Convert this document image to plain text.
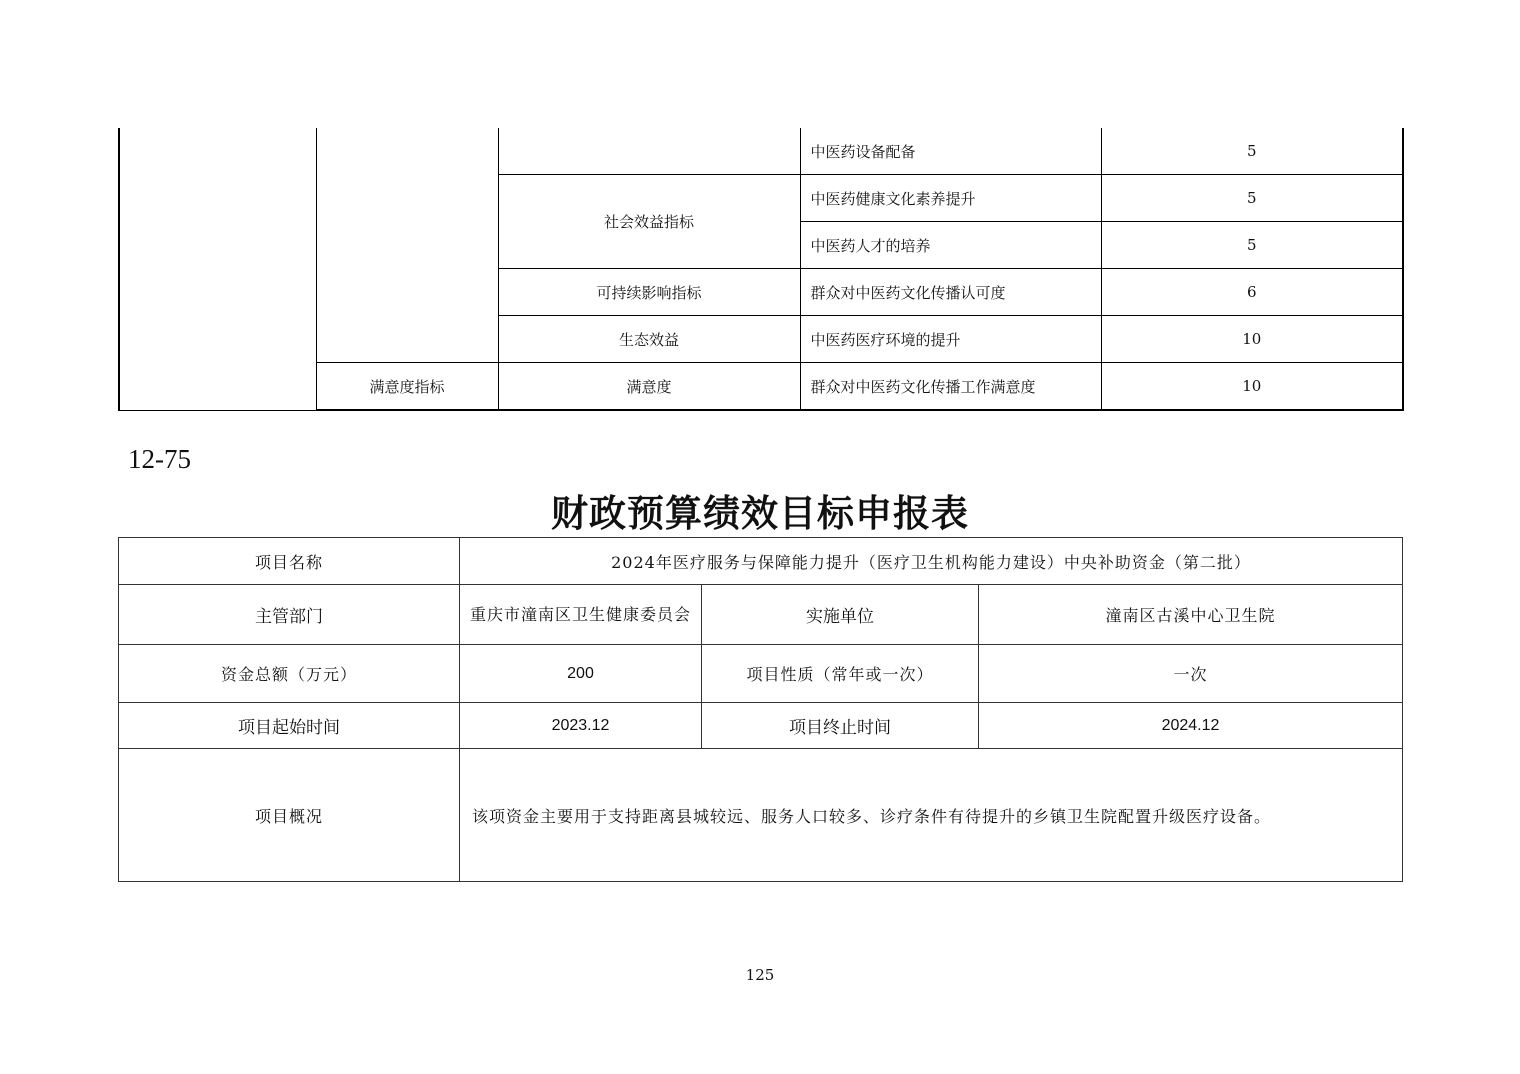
			中医药设备配备	5
		社会效益指标	中医药健康文化素养提升	5
			中医药人才的培养	5
		可持续影响指标	群众对中医药文化传播认可度	6
		生态效益	中医药医疗环境的提升	10
	满意度指标	满意度	群众对中医药文化传播工作满意度	10
12-75
财政预算绩效目标申报表
项目名称	2024年医疗服务与保障能力提升（医疗卫生机构能力建设）中央补助资金（第二批）		
主管部门	重庆市潼南区卫生健康委员会	实施单位	潼南区古溪中心卫生院
资金总额（万元）	200	项目性质（常年或一次）	一次
项目起始时间	2023.12	项目终止时间	2024.12
项目概况	该项资金主要用于支持距离县城较远、服务人口较多、诊疗条件有待提升的乡镇卫生院配置升级医疗设备。		
125
